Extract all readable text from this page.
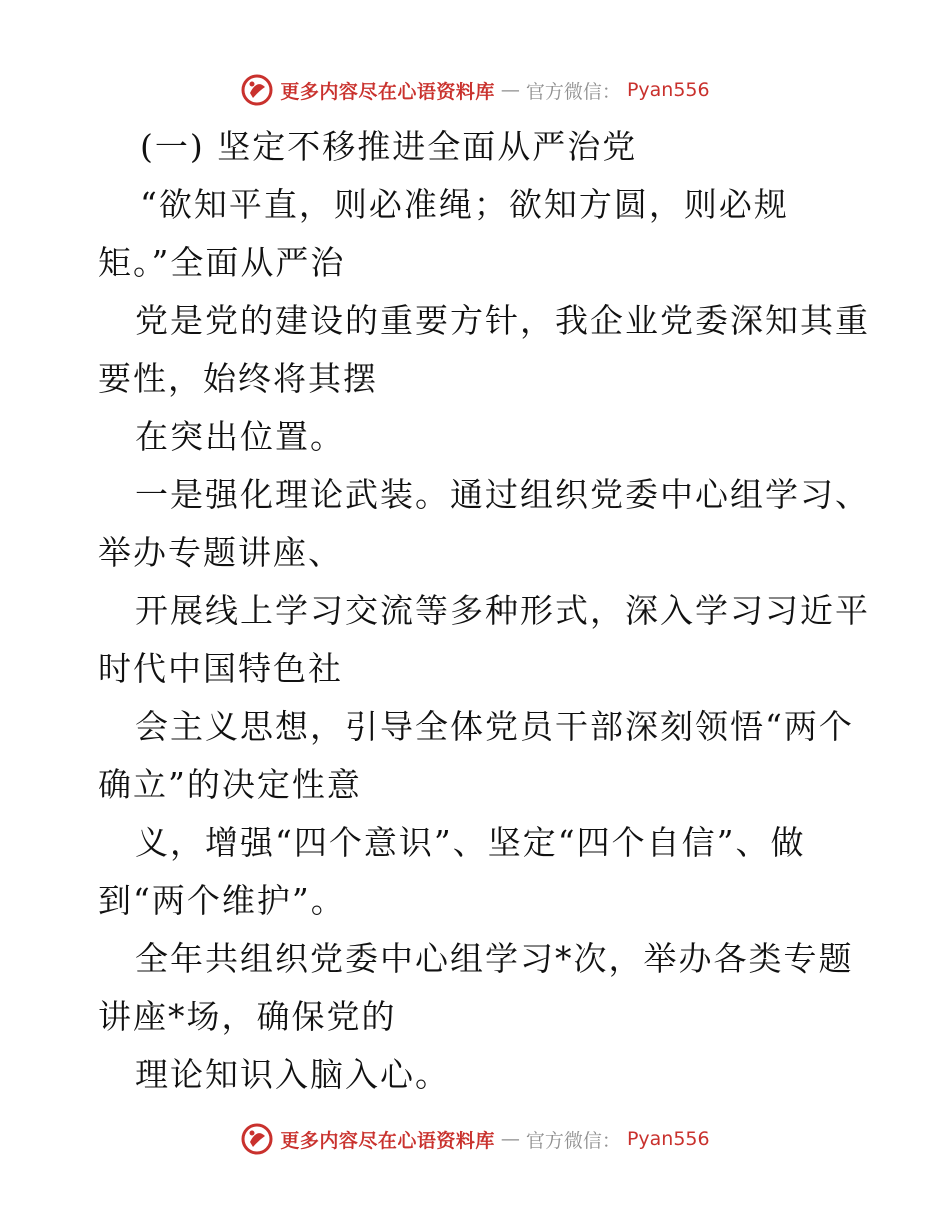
更多内容尽在心语资料库 — 官方微信： Pyan556
(一) 坚定不移推进全面从严治党
“欲知平直，则必准绳；欲知方圆，则必规
矩。”全面从严治
党是党的建设的重要方针，我企业党委深知其重
要性，始终将其摆
在突出位置。
一是强化理论武装。通过组织党委中心组学习、
举办专题讲座、
开展线上学习交流等多种形式，深入学习习近平
时代中国特色社
会主义思想，引导全体党员干部深刻领悟“两个
确立”的决定性意
义，增强“四个意识”、坚定“四个自信”、做
到“两个维护”。
全年共组织党委中心组学习*次，举办各类专题
讲座*场，确保党的
理论知识入脑入心。
更多内容尽在心语资料库 — 官方微信： Pyan556
